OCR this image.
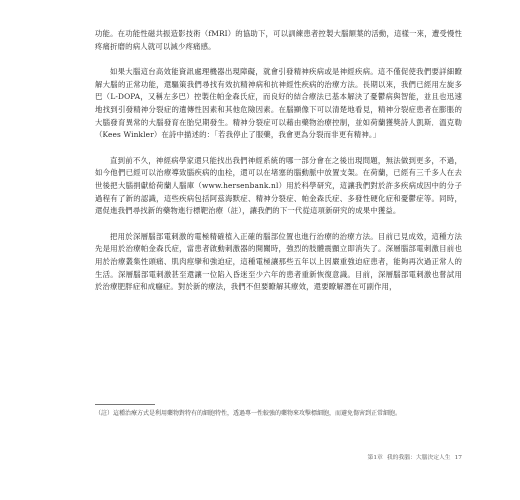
功能。在功能性磁共振造影技術（fMRI）的協助下，可以訓練患者控製大腦額葉的活動，這樣一來，遭受慢性疼痛折磨的病人就可以減少疼痛感。

如果大腦這台高效能資訊處理機器出現障礙，就會引發精神疾病或是神經疾病。這不僅促使我們要詳細瞭解大腦的正常功能，還驅策我們尋找有效抗精神病和抗神經性疾病的治療方法。長期以來，我們已經用左旋多巴（L-DOPA，又稱左多巴）控製住帕金森氏症，而良好的結合療法已基本解決了憂鬱病與智能，並且也迅速地找到引發精神分裂症的遺傳性因素和其他危險因素。在腦顯像下可以清楚地看見，精神分裂症患者在膨脹的大腦發育異常的大腦發育在胎兒期發生。精神分裂症可以藉由藥物治療控制，並如荷蘭獲獎詩人凱斯．溫克勒（Kees Winkler）在詩中描述的：「若我停止了服藥，我會更為分裂而非更有精神。」

直到前不久，神經病學家還只能找出我們神經系統的哪一部分會在之後出現問題，無法做到更多，不過，如今他們已經可以治療導致腦疾病的血栓，還可以在堵塞的腦動脈中放置支架。在荷蘭，已經有三千多人在去世後把大腦捐獻給荷蘭人腦庫（www.hersenbank.nl）用於科學研究，這讓我們對於許多疾病成因中的分子過程有了新的認識，這些疾病包括阿茲海默症、精神分裂症、帕金森氏症、多發性硬化症和憂鬱症等。同時，還促進我們尋找新的藥物進行標靶治療（註），讓我們的下一代從這項新研究的成果中獲益。

把用於深層腦部電刺激的電極精確植入正確的腦部位置也進行治療的治療方法。目前已見成效，這種方法先是用於治療帕金森氏症，當患者啟動刺激器的開關時，強烈的肢體震顫立即消失了。深層腦部電刺激目前也用於治療叢集性頭痛、肌肉痙攣和強迫症，這種電極讓那些五年以上因嚴重強迫症患者，能夠再次過正常人的生活。深層腦部電刺激甚至還讓一位陷入昏迷至少六年的患者重新恢復意識。目前，深層腦部電刺激也嘗試用於治療肥胖症和成癮症。對於新的療法，我們不但要瞭解其療效，還要瞭解潛在可副作用，

（註）這種治療方式是利用藥物對特有的細胞特性，透過專一性較強的藥物來攻擊標細胞，而避免傷害到正常細胞。

第1章 我的我腦：大腦決定人生 17
